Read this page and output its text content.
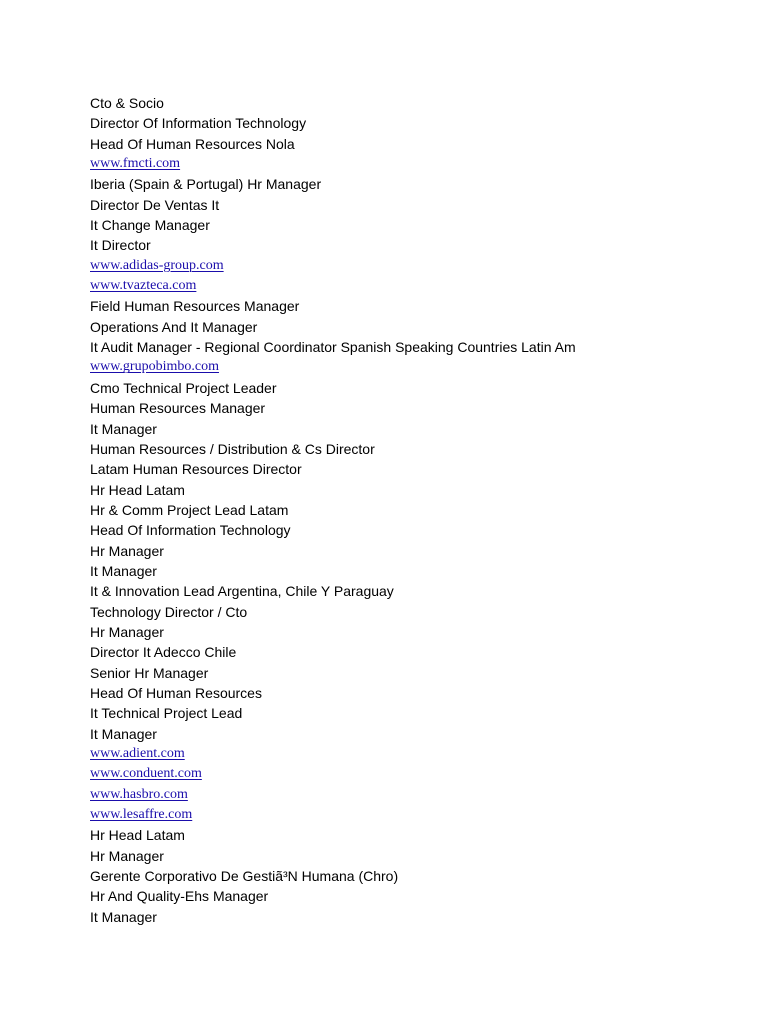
Cto & Socio
Director Of Information Technology
Head Of Human Resources Nola
www.fmcti.com
Iberia (Spain & Portugal) Hr Manager
Director De Ventas It
It Change Manager
It Director
www.adidas-group.com
www.tvazteca.com
Field Human Resources Manager
Operations And It Manager
It Audit Manager - Regional Coordinator Spanish Speaking Countries Latin Am
www.grupobimbo.com
Cmo Technical Project Leader
Human Resources Manager
It Manager
Human Resources / Distribution & Cs Director
Latam Human Resources Director
Hr Head Latam
Hr & Comm Project Lead Latam
Head Of Information Technology
Hr Manager
It Manager
It & Innovation Lead Argentina, Chile Y Paraguay
Technology Director / Cto
Hr Manager
Director It Adecco Chile
Senior Hr Manager
Head Of Human Resources
It Technical Project Lead
It Manager
www.adient.com
www.conduent.com
www.hasbro.com
www.lesaffre.com
Hr Head Latam
Hr Manager
Gerente Corporativo De Gestiã³N Humana (Chro)
Hr And Quality-Ehs Manager
It Manager
